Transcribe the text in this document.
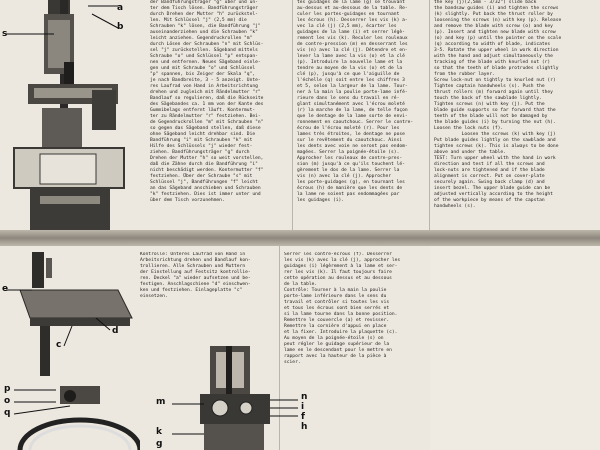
a
b
s
der Bandführungsträger "g" über und un-
ter dem Tisch lösen. Bandführungsträger
durch Drehen der Mutter "h" zurückstel-
len. Mit Schlüssel "j" (2,5 mm) die
Schrauben "k" lösen, die Bandführung "j"
auseinanderziehen und die Schrauben "k"
leicht anziehen. Gegendruckrollen "m"
durch Lösen der Schrauben "n" mit Schlüs-
sel "j" zurückstellen. Sägeband mittels
Schraube "o" und Schlüssel "p" entspan-
nen und entfernen. Neues Sägeband einle-
gen und mit Schraube "o" und Schlüssel
"p" spannen, bis Zeiger der Skala "q",
je nach Bandbreite, 3 - 5 anzeigt. Unte-
res Laufrad von Hand in Arbeitsrichtung
drehen und zugleich mit Rändelmutter "r"
Bandlauf so regulieren, daß die Rückseite
des Sägebandes ca. 1 mm von der Kante des
Gummibelags entfernt läuft. Kontermut-
ter zu Rändelmutter "r" festziehen. Bei-
de Gegendruckrollen "m" mit Schrauben "n"
so gegen das Sägeband stellen, daß diese
ohne Sägeband leicht drehbar sind. Die
Bandführung "i" mit Schrauben "k" mit
Hilfe des Schlüssels "j" wieder fest-
ziehen. Bandführungsträger "g" durch
Drehen der Mutter "h" so weit vorstellen,
daß die Zähne durch die Bandführung "i"
nicht beschädigt werden. Kontermutter "f"
festziehen. Über der Schraube "s" mit
Schlüssel "j", Bandführungen "f" leicht
an das Sägeband anschieben und Schrauben
"k" festziehen. Dies ist immer unter und
über dem Tisch vorzunehmen.
tes guidages de la lame (g) se trouvant
au-dessus et au-dessous de la table. Re-
culer les portes-guidages en tournant
les écrous (h). Desserrer les vis (k) a-
vec la clé (j) (2,5 mm), écarter les
guidages de la lame (i) et serrer légè-
rement les vis (k). Reculer les rouleaux
de contre-pression (m) en desserrant les
vis (n) avec la clé (j). Détendre et en-
lever la lame avec la vis (o) et la clé
(p). Introduire la nouvelle lame et la
tendre au moyen de la vis (o) et de la
clé (p), jusqu'à ce que l'aiguille de
l'échelle (q) soit entre les chiffres 3
et 5, selon la largeur de la lame. Tour-
ner à la main la poulie porte-lame infé-
rieure dans le sens du travail en ré-
glant simultanément avec l'écrou moleté
(r) la marche de la lame, de telle façon
que le dentage de la lame sorte de envi-
ronnement en caoutchouc. Serrer le contre-
écrou de l'écrou moleté (r). Pour les
lames très étroites, le dentage ne pose
sur le revêtement du caoutchouc. Ainsi
les dents avec voie ne seront pas endom-
magées. Serrer la poignée-étoile (s).
Approcher les rouleaux de contre-pres-
sion (m) jusqu'à ce qu'ils touchent lé-
gèrement le dos de la lame. Serrer la
vis (n) avec la clé (j). Approcher
les porte-guidages (g), en tournant les
écrous (h) de manière que les dents de
la lame ne soient pas endommagées par
les guidages (i).
the key (j)(2,5mm - 3/32") slide back
the bandsaw guides (i) and tighten the screws
(k) slightly. Put back the thrust roller by
loosening the screws (n) with key (p). Release
and remove the blade with screw (o) and key
(p). Insert and tighten new blade with screw
(o) and key (p) until the pointer on the scale
(q) according to width of blade, indicates
3-5. Rotate the upper wheel in work direction
with the hand and adjust simultaneously the
tracking of the blade with knurled nut (r)
so that the teeth of blade protrudes slightly
from the rubber layer.
Screw lock-nut on tightly to knurled nut (r)
Tighten captain handwheels (s). Push the
thrust rollers (m) forward again until they
touch the back of the sawblade lightly.
Tighten screws (n) with key (j). Put the
blade guide supports so far forward that the
teeth of the blade will not be damaged by
the blade guides (i) by turning the nut (h).
Loosen the lock nuts (f).
Loosen the screws (k) with key (j)
Put blade guides lightly on the sawblade and
tighten screws (k). This is always to be done
above and under the table.
TEST: Turn upper wheel with the hand in work
direction and test if all the screws and
lock-nuts are tightened and if the blade
alignment is correct. Put on cover-plate
securely again. Swing back clamp (d) and
insert bezel. The upper blade guide can be
adjusted vertically according to the height
of the workpiece by means of the capstan
handwheels (s).
e
c
d
p
o
q
Kontrolle: Unteres Laufrad von Hand in
Arbeitsrichtung drehen und Bandlauf kon-
trollieren. Alle Schrauben und Muttern
der Einstellung auf Festsitz kontrollie-
ren. Deckel "a" wieder aufsetzen und be-
festigen. Anschlagschiene "d" einschwen-
ken und festziehen. Einlageplatte "c"
einsetzen.
Serrer les contre-écrous (f). Desserrer
les vis (k) avec la clé (j), approcher les
guidages (i) légèrement à la lame et ser-
rer les vis (k). Il faut toujours faire
cette opération au dessus et au dessous
de la table.
Contrôle: Tourner à la main la poulie
porte-lame inférieure dans le sens du
travail et contrôler si toutes les vis
et tous les écrous sont bien serrés et
si la lame tourne dans la bonne position.
Remettre le couvercle (a) et revisser.
Remettre la cornière d'appui en place
et la fixer. Introduire la plaquette (c).
Au moyen de la poignée-étoile (s) on
peut régler le guidage supérieur de la
lame en le descendant pour le mettre en
rapport avec la hauteur de la pièce à
scier.
m	n
i
f
h
k
g
